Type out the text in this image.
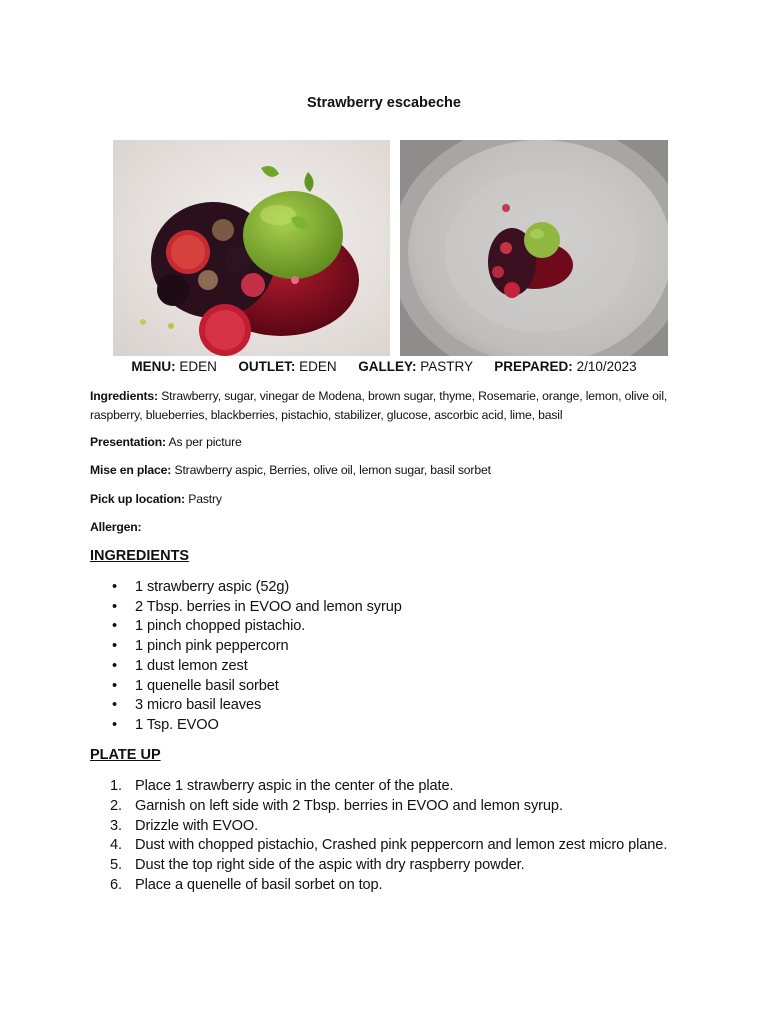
Strawberry escabeche
MENU: EDEN OUTLET: EDEN GALLEY: PASTRY PREPARED: 2/10/2023
Ingredients: Strawberry, sugar, vinegar de Modena, brown sugar, thyme, Rosemarie, orange, lemon, olive oil, raspberry, blueberries, blackberries, pistachio, stabilizer, glucose, ascorbic acid, lime, basil
Presentation: As per picture
Mise en place: Strawberry aspic, Berries, olive oil, lemon sugar, basil sorbet
Pick up location: Pastry
Allergen:
INGREDIENTS
• 1 strawberry aspic (52g)
• 2 Tbsp. berries in EVOO and lemon syrup
• 1 pinch chopped pistachio.
• 1 pinch pink peppercorn
• 1 dust lemon zest
• 1 quenelle basil sorbet
• 3 micro basil leaves
• 1 Tsp. EVOO
PLATE UP
1. Place 1 strawberry aspic in the center of the plate.
2. Garnish on left side with 2 Tbsp. berries in EVOO and lemon syrup.
3. Drizzle with EVOO.
4. Dust with chopped pistachio, Crashed pink peppercorn and lemon zest micro plane.
5. Dust the top right side of the aspic with dry raspberry powder.
6. Place a quenelle of basil sorbet on top.
